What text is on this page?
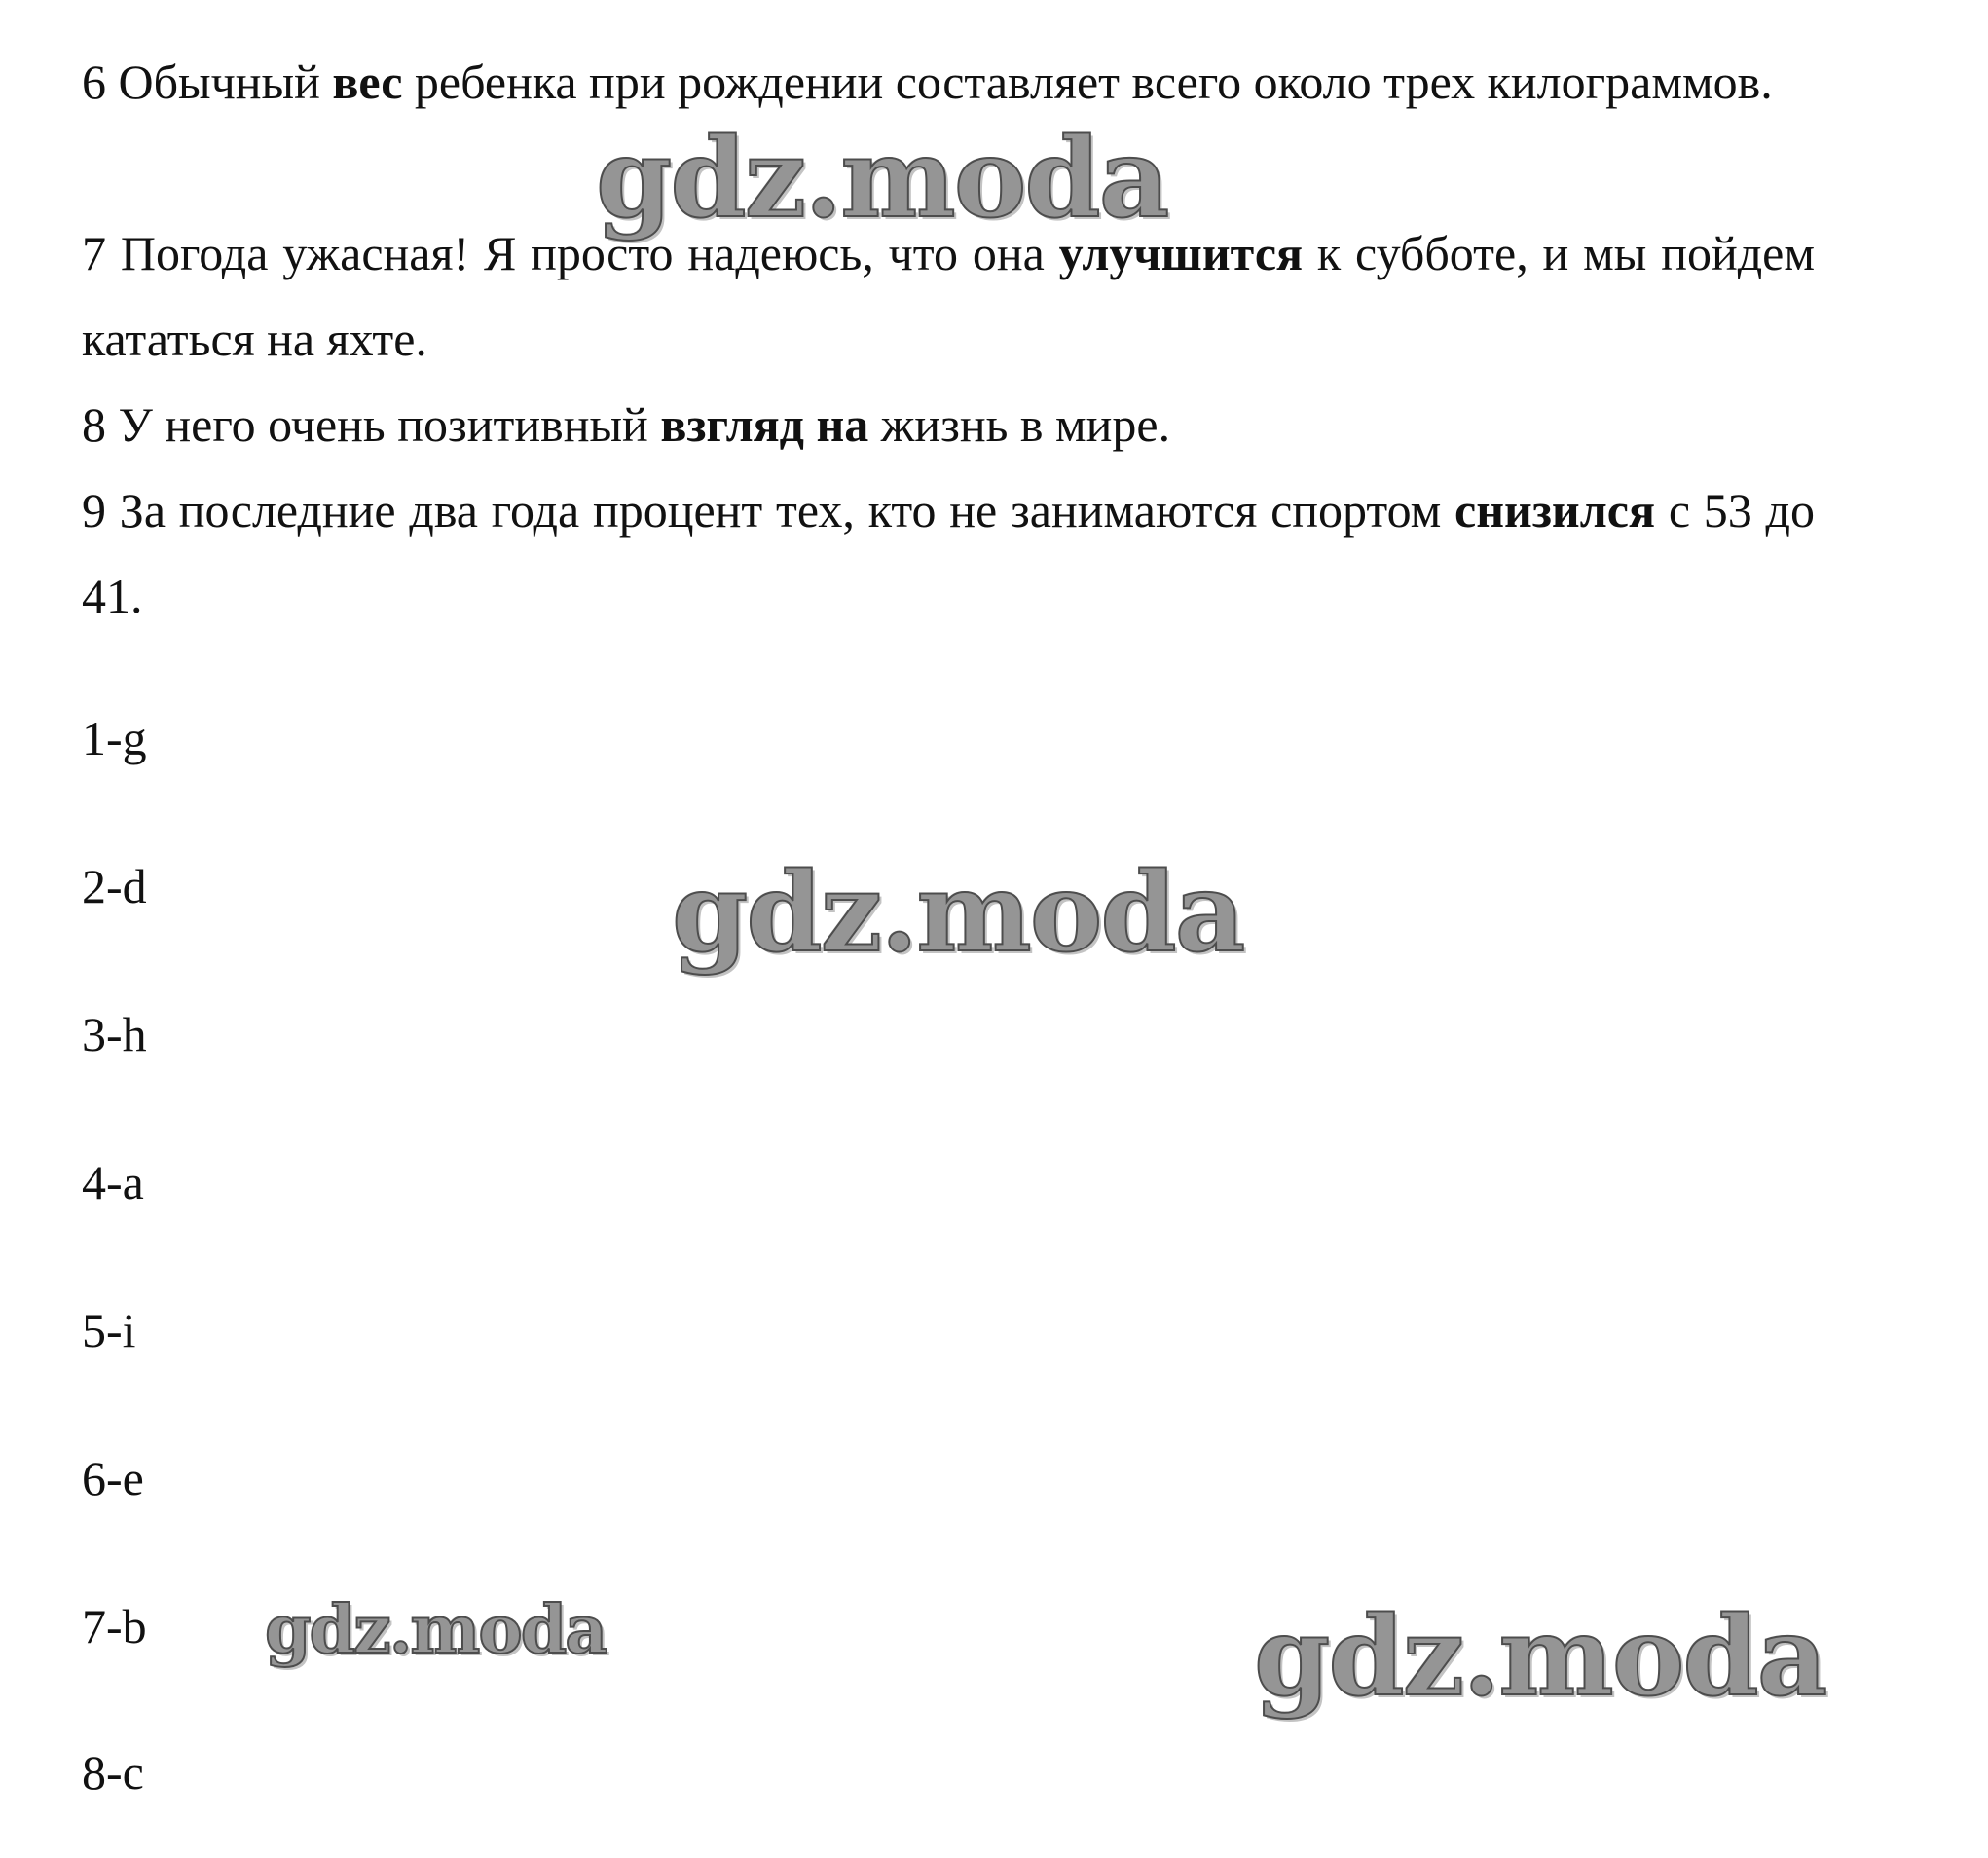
6 Обычный вес ребенка при рождении составляет всего около трех килограммов.

7 Погода ужасная! Я просто надеюсь, что она улучшится к субботе, и мы пойдем кататься на яхте.

8 У него очень позитивный взгляд на жизнь в мире.

9 За последние два года процент тех, кто не занимаются спортом снизился с 53 до 41.

1-g

2-d

3-h

4-a

5-i

6-e

7-b

8-c

gdz.moda
gdz.moda
gdz.moda	gdz.moda
